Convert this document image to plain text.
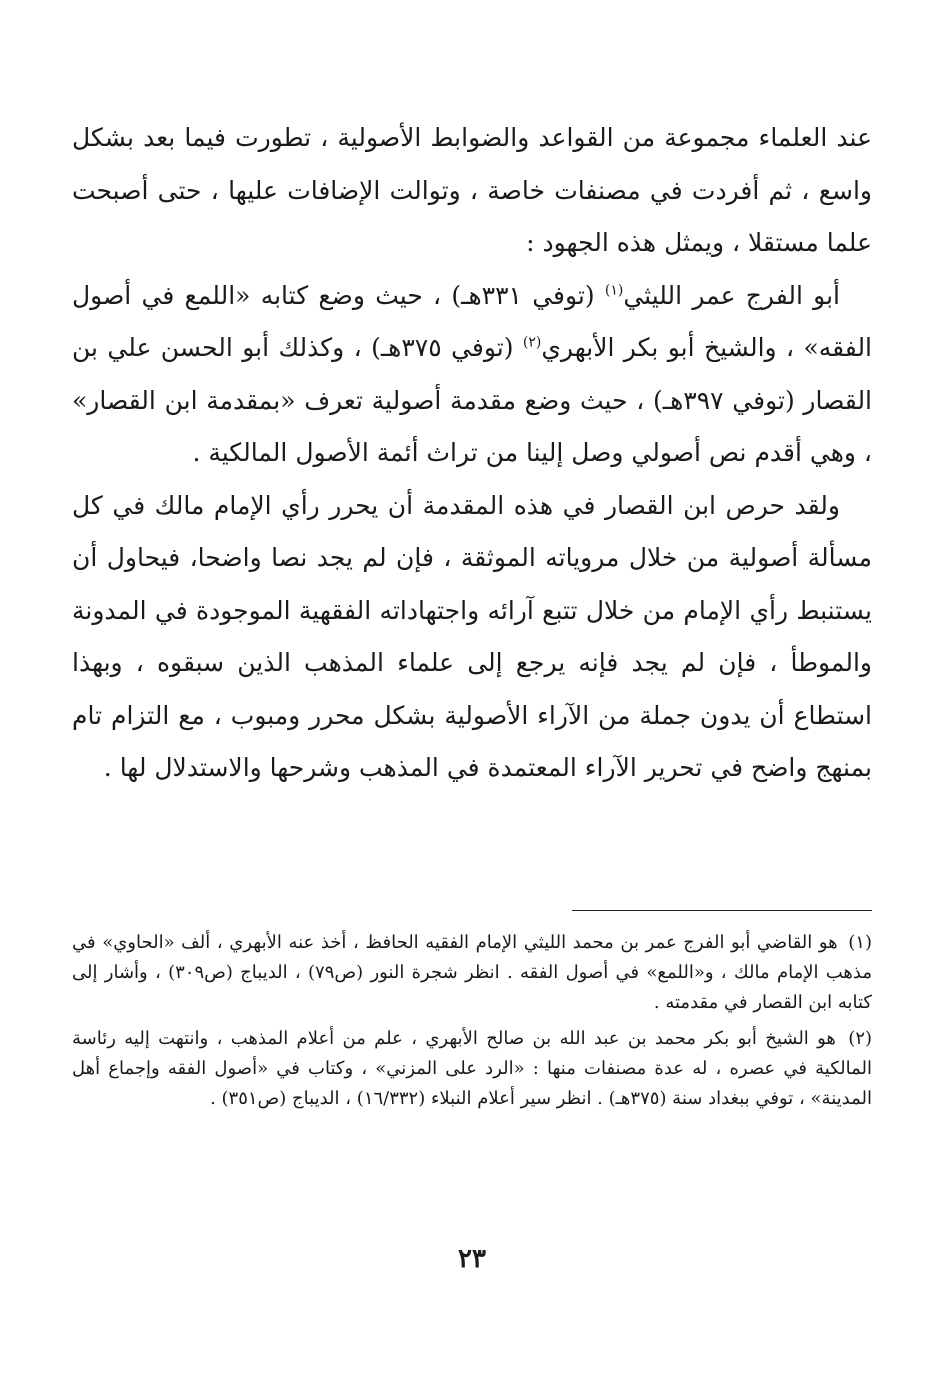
عند العلماء مجموعة من القواعد والضوابط الأصولية ، تطورت فيما بعد بشكل واسع ، ثم أفردت في مصنفات خاصة ، وتوالت الإضافات عليها ، حتى أصبحت علما مستقلا ، ويمثل هذه الجهود :

أبو الفرج عمر الليثي$^{(١)}$ (توفي ٣٣١هـ) ، حيث وضع كتابه «اللمع في أصول الفقه» ، والشيخ أبو بكر الأبهري$^{(٢)}$ (توفي ٣٧٥هـ) ، وكذلك أبو الحسن علي بن القصار (توفي ٣٩٧هـ) ، حيث وضع مقدمة أصولية تعرف «بمقدمة ابن القصار» ، وهي أقدم نص أصولي وصل إلينا من تراث أئمة الأصول المالكية .

ولقد حرص ابن القصار في هذه المقدمة أن يحرر رأي الإمام مالك في كل مسألة أصولية من خلال مروياته الموثقة ، فإن لم يجد نصا واضحا، فيحاول أن يستنبط رأي الإمام من خلال تتبع آرائه واجتهاداته الفقهية الموجودة في المدونة والموطأ ، فإن لم يجد فإنه يرجع إلى علماء المذهب الذين سبقوه ، وبهذا استطاع أن يدون جملة من الآراء الأصولية بشكل محرر ومبوب ، مع التزام تام بمنهج واضح في تحرير الآراء المعتمدة في المذهب وشرحها والاستدلال لها .

(١) هو القاضي أبو الفرج عمر بن محمد الليثي الإمام الفقيه الحافظ ، أخذ عنه الأبهري ، ألف «الحاوي» في مذهب الإمام مالك ، و«اللمع» في أصول الفقه . انظر شجرة النور (ص٧٩) ، الديباج (ص٣٠٩) ، وأشار إلى كتابه ابن القصار في مقدمته .

(٢) هو الشيخ أبو بكر محمد بن عبد الله بن صالح الأبهري ، علم من أعلام المذهب ، وانتهت إليه رئاسة المالكية في عصره ، له عدة مصنفات منها : «الرد على المزني» ، وكتاب في «أصول الفقه وإجماع أهل المدينة» ، توفي ببغداد سنة (٣٧٥هـ) . انظر سير أعلام النبلاء (١٦/٣٣٢) ، الديباج (ص٣٥١) .

٢٣
